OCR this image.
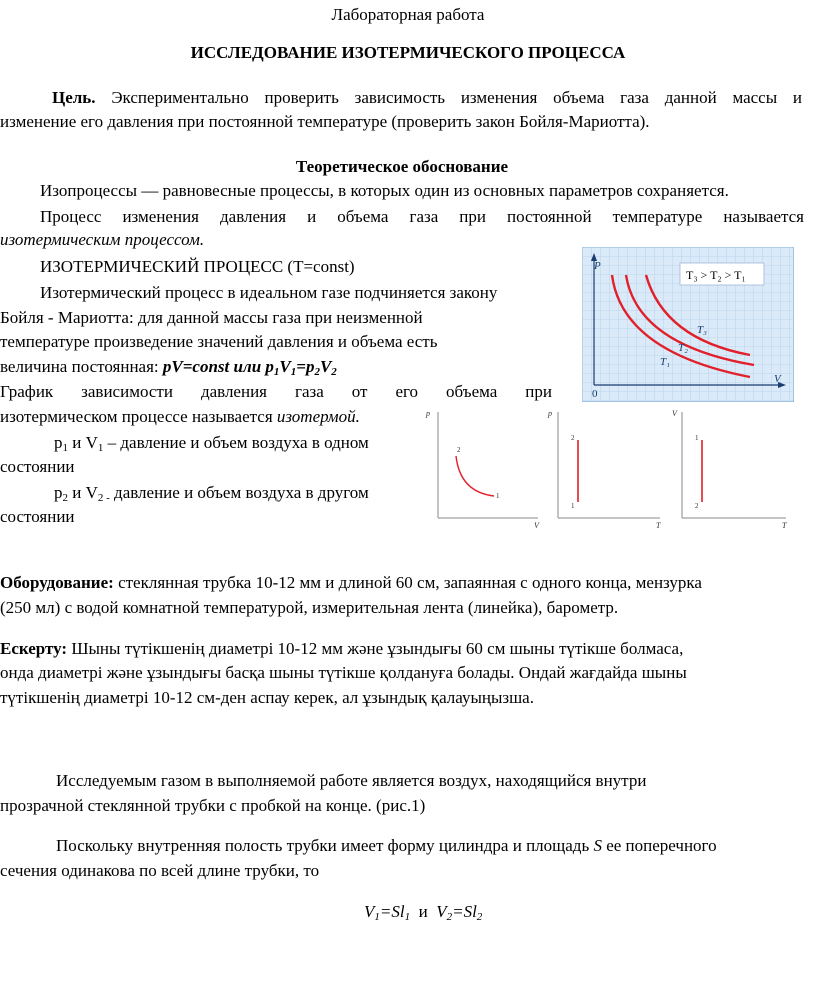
Лабораторная работа
ИССЛЕДОВАНИЕ ИЗОТЕРМИЧЕСКОГО ПРОЦЕССА
Цель. Экспериментально проверить зависимость изменения объема газа данной массы и
изменение его давления при постоянной температуре (проверить закон Бойля-Мариотта).
Теоретическое обоснование
Изопроцессы — равновесные процессы, в которых один из основных параметров сохраняется.
Процесс изменения давления и объема газа при постоянной температуре называется
изотермическим процессом.
ИЗОТЕРМИЧЕСКИЙ ПРОЦЕСС (T=const)
Изотермический процесс в идеальном газе подчиняется закону
Бойля - Мариотта: для данной массы газа при неизменной
температуре произведение значений давления и объема есть
величина постоянная: pV=const или p1V1=p2V2
График зависимости давления газа от его объема при
изотермическом процессе называется изотермой.
p1 и V1 – давление и объем воздуха в одном
состоянии
p2 и V2 - давление и объем воздуха в другом
состоянии
P
V
0
T₃
T₂
T₁
T₃ > T₂ > T₁
p
V
2
1
p
T
2
1
V
T
1
2
Оборудование: стеклянная трубка 10-12 мм и длиной 60 см, запаянная с одного конца, мензурка
(250 мл) с водой комнатной температурой, измерительная лента (линейка), барометр.
Ескерту: Шыны түтікшенің диаметрі 10-12 мм және ұзындығы 60 см шыны түтікше болмаса,
онда диаметрі және ұзындығы басқа шыны түтікше қолдануға болады. Ондай жағдайда шыны
түтікшенің диаметрі 10-12 см-ден аспау керек, ал ұзындық қалауыңызша.
Исследуемым газом в выполняемой работе является воздух, находящийся внутри
прозрачной стеклянной трубки с пробкой на конце. (рис.1)
Поскольку внутренняя полость трубки имеет форму цилиндра и площадь S ее поперечного
сечения одинакова по всей длине трубки, то
V1=Sl1 и V2=Sl2
